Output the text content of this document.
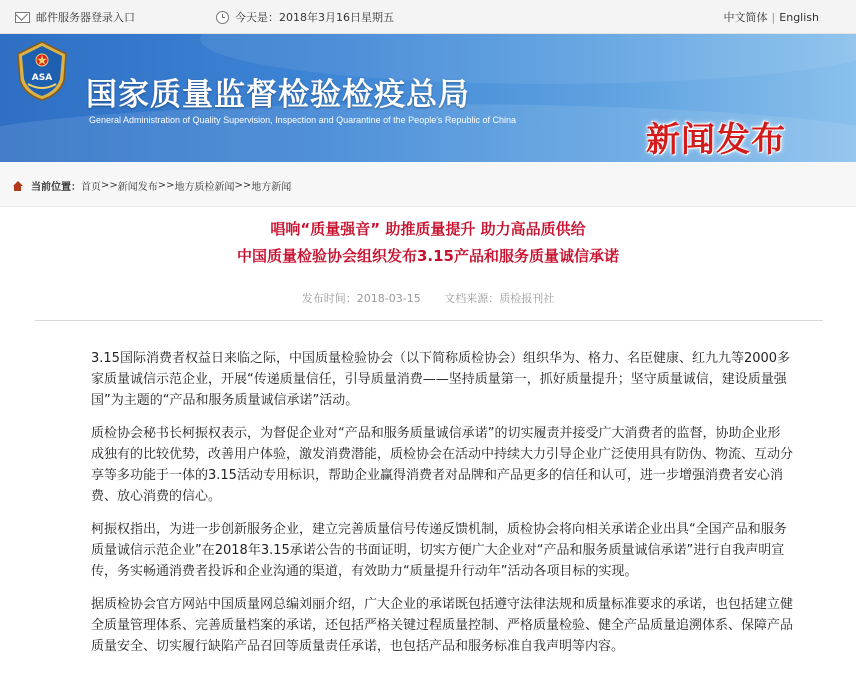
邮件服务器登录入口	今天是：2018年3月16日星期五	中文简体 | English
ASA 国家质量监督检验检疫总局
General Administration of Quality Supervision, Inspection and Quarantine of the People's Republic of China	新闻发布
当前位置： 首页 >> 新闻发布 >> 地方质检新闻 >> 地方新闻
唱响“质量强音” 助推质量提升 助力高品质供给
中国质量检验协会组织发布3.15产品和服务质量诚信承诺
发布时间：2018-03-15 文档来源：质检报刊社

3.15国际消费者权益日来临之际，中国质量检验协会（以下简称质检协会）组织华为、格力、名臣健康、红九九等2000多家质量诚信示范企业，开展“传递质量信任，引导质量消费——坚持质量第一，抓好质量提升；坚守质量诚信，建设质量强国”为主题的“产品和服务质量诚信承诺”活动。

质检协会秘书长柯振权表示，为督促企业对“产品和服务质量诚信承诺”的切实履责并接受广大消费者的监督，协助企业形成独有的比较优势，改善用户体验，激发消费潜能，质检协会在活动中持续大力引导企业广泛使用具有防伪、物流、互动分享等多功能于一体的3.15活动专用标识，帮助企业赢得消费者对品牌和产品更多的信任和认可，进一步增强消费者安心消费、放心消费的信心。

柯振权指出，为进一步创新服务企业，建立完善质量信号传递反馈机制，质检协会将向相关承诺企业出具“全国产品和服务质量诚信示范企业”在2018年3.15承诺公告的书面证明，切实方便广大企业对“产品和服务质量诚信承诺”进行自我声明宣传，务实畅通消费者投诉和企业沟通的渠道，有效助力“质量提升行动年”活动各项目标的实现。

据质检协会官方网站中国质量网总编刘丽介绍，广大企业的承诺既包括遵守法律法规和质量标准要求的承诺，也包括建立健全质量管理体系、完善质量档案的承诺，还包括严格关键过程质量控制、严格质量检验、健全产品质量追溯体系、保障产品质量安全、切实履行缺陷产品召回等质量责任承诺，也包括产品和服务标准自我声明等内容。
